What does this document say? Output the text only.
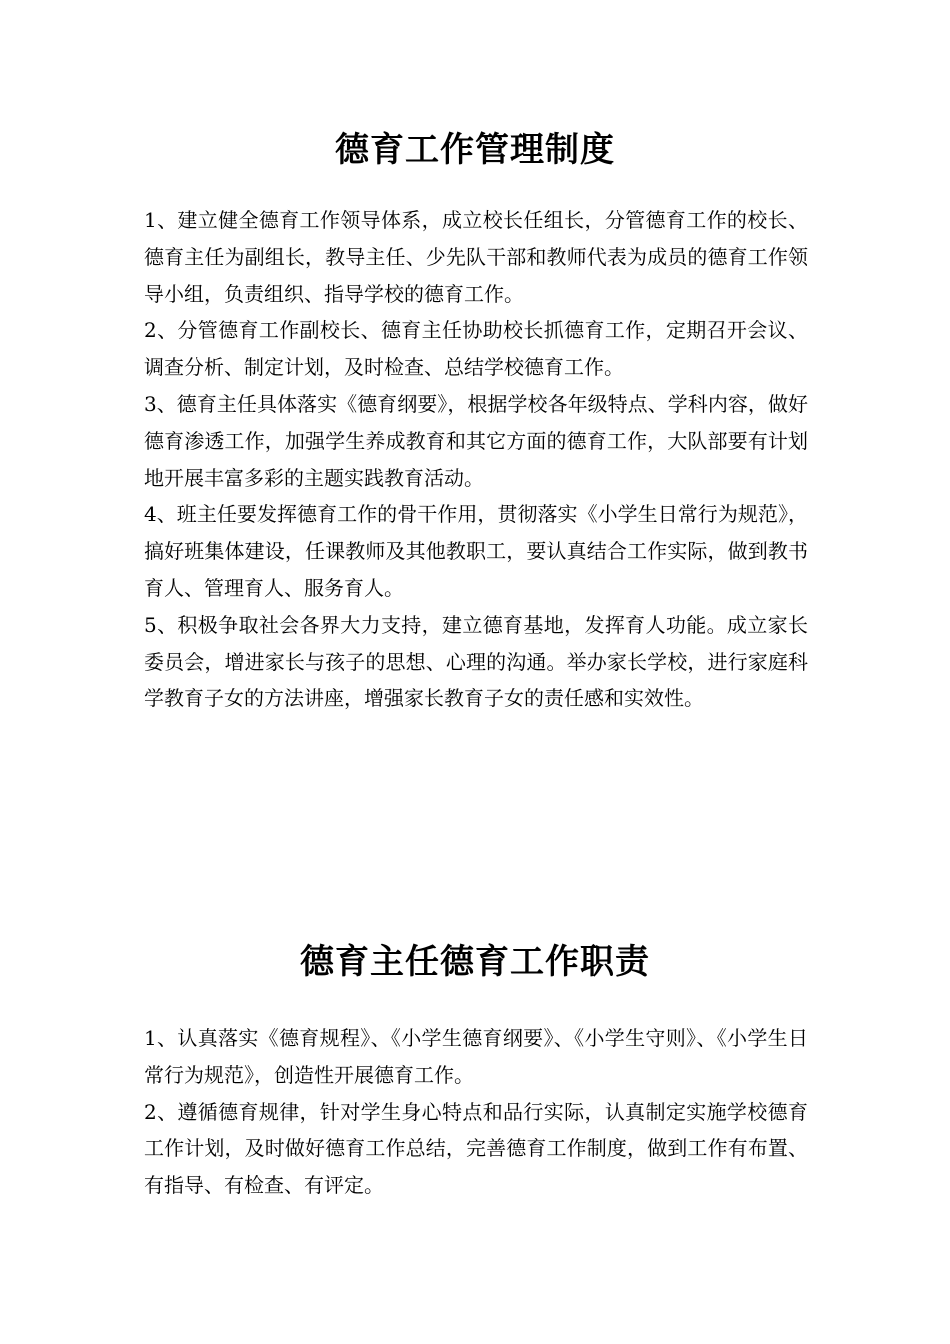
德育工作管理制度

1、建立健全德育工作领导体系，成立校长任组长，分管德育工作的校长、德育主任为副组长，教导主任、少先队干部和教师代表为成员的德育工作领导小组，负责组织、指导学校的德育工作。

2、分管德育工作副校长、德育主任协助校长抓德育工作，定期召开会议、调查分析、制定计划，及时检查、总结学校德育工作。

3、德育主任具体落实《德育纲要》，根据学校各年级特点、学科内容，做好德育渗透工作，加强学生养成教育和其它方面的德育工作，大队部要有计划地开展丰富多彩的主题实践教育活动。

4、班主任要发挥德育工作的骨干作用，贯彻落实《小学生日常行为规范》，搞好班集体建设，任课教师及其他教职工，要认真结合工作实际，做到教书育人、管理育人、服务育人。

5、积极争取社会各界大力支持，建立德育基地，发挥育人功能。成立家长委员会，增进家长与孩子的思想、心理的沟通。举办家长学校，进行家庭科学教育子女的方法讲座，增强家长教育子女的责任感和实效性。

德育主任德育工作职责

1、认真落实《德育规程》、《小学生德育纲要》、《小学生守则》、《小学生日常行为规范》，创造性开展德育工作。

2、遵循德育规律，针对学生身心特点和品行实际，认真制定实施学校德育工作计划，及时做好德育工作总结，完善德育工作制度，做到工作有布置、有指导、有检查、有评定。
